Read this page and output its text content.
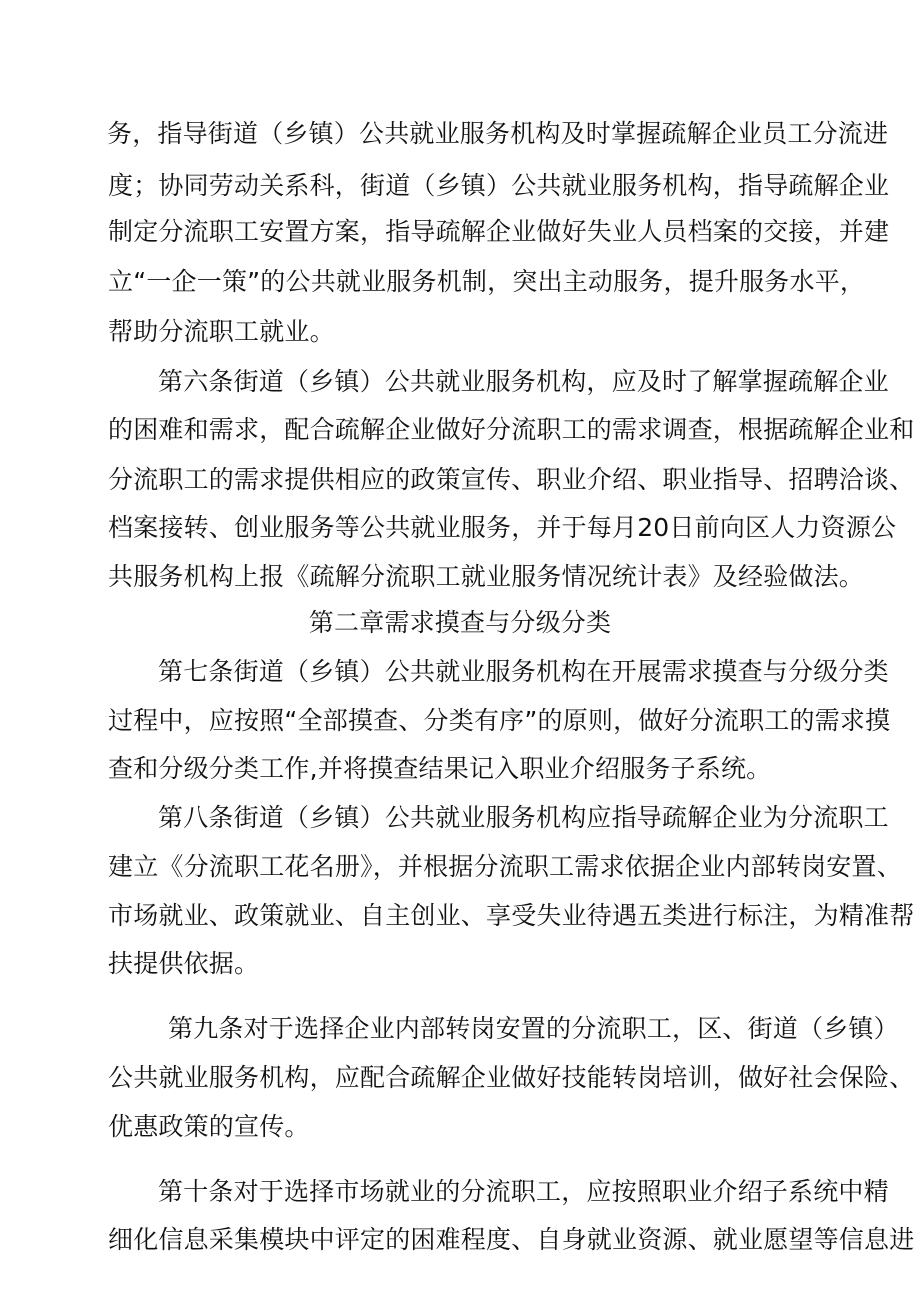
务，指导街道（乡镇）公共就业服务机构及时掌握疏解企业员工分流进
度；协同劳动关系科，街道（乡镇）公共就业服务机构，指导疏解企业
制定分流职工安置方案，指导疏解企业做好失业人员档案的交接，并建
立“一企一策”的公共就业服务机制，突出主动服务，提升服务水平，
帮助分流职工就业。
第六条街道（乡镇）公共就业服务机构，应及时了解掌握疏解企业
的困难和需求，配合疏解企业做好分流职工的需求调查，根据疏解企业和
分流职工的需求提供相应的政策宣传、职业介绍、职业指导、招聘洽谈、
档案接转、创业服务等公共就业服务，并于每月20日前向区人力资源公
共服务机构上报《疏解分流职工就业服务情况统计表》及经验做法。
第二章需求摸查与分级分类
第七条街道（乡镇）公共就业服务机构在开展需求摸查与分级分类
过程中，应按照“全部摸查、分类有序”的原则，做好分流职工的需求摸
查和分级分类工作,并将摸查结果记入职业介绍服务子系统。
第八条街道（乡镇）公共就业服务机构应指导疏解企业为分流职工
建立《分流职工花名册》，并根据分流职工需求依据企业内部转岗安置、
市场就业、政策就业、自主创业、享受失业待遇五类进行标注，为精准帮
扶提供依据。
第九条对于选择企业内部转岗安置的分流职工，区、街道（乡镇）
公共就业服务机构，应配合疏解企业做好技能转岗培训，做好社会保险、
优惠政策的宣传。
第十条对于选择市场就业的分流职工，应按照职业介绍子系统中精
细化信息采集模块中评定的困难程度、自身就业资源、就业愿望等信息进
